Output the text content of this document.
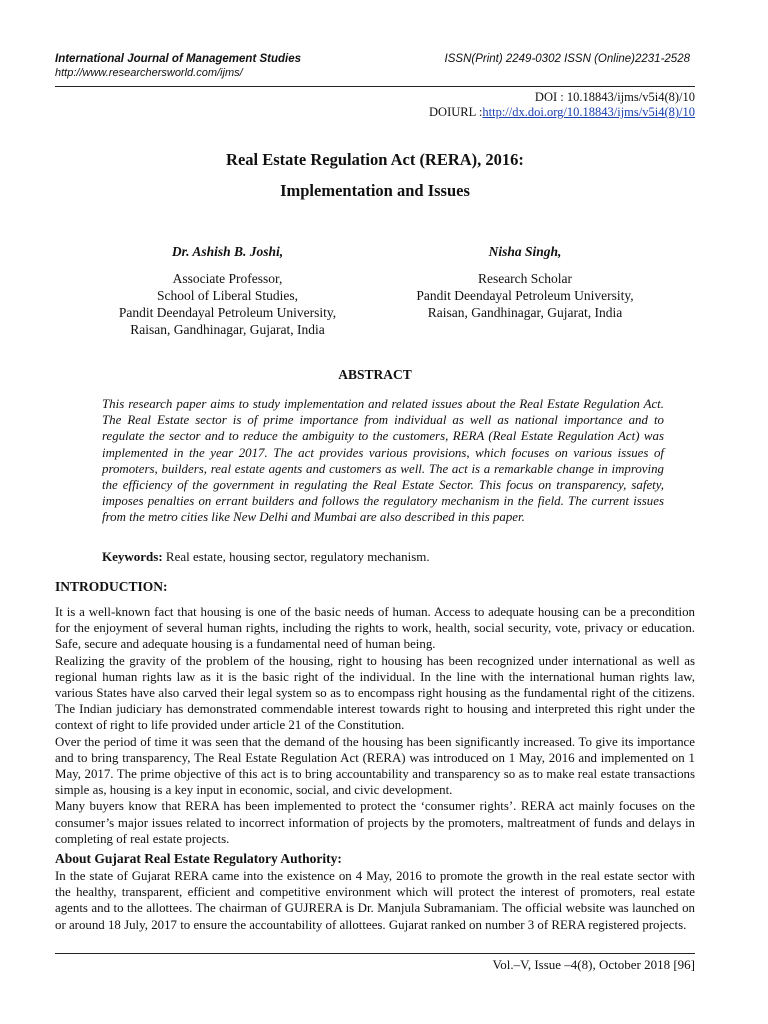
International Journal of Management Studies
http://www.researchersworld.com/ijms/
ISSN(Print) 2249-0302 ISSN (Online)2231-2528
DOI : 10.18843/ijms/v5i4(8)/10
DOIURL :http://dx.doi.org/10.18843/ijms/v5i4(8)/10
Real Estate Regulation Act (RERA), 2016:
Implementation and Issues
Dr. Ashish B. Joshi,
Associate Professor,
School of Liberal Studies,
Pandit Deendayal Petroleum University,
Raisan, Gandhinagar, Gujarat, India
Nisha Singh,
Research Scholar
Pandit Deendayal Petroleum University,
Raisan, Gandhinagar, Gujarat, India
ABSTRACT
This research paper aims to study implementation and related issues about the Real Estate Regulation Act. The Real Estate sector is of prime importance from individual as well as national importance and to regulate the sector and to reduce the ambiguity to the customers, RERA (Real Estate Regulation Act) was implemented in the year 2017. The act provides various provisions, which focuses on various issues of promoters, builders, real estate agents and customers as well. The act is a remarkable change in improving the efficiency of the government in regulating the Real Estate Sector. This focus on transparency, safety, imposes penalties on errant builders and follows the regulatory mechanism in the field. The current issues from the metro cities like New Delhi and Mumbai are also described in this paper.
Keywords: Real estate, housing sector, regulatory mechanism.
INTRODUCTION:

It is a well-known fact that housing is one of the basic needs of human. Access to adequate housing can be a precondition for the enjoyment of several human rights, including the rights to work, health, social security, vote, privacy or education. Safe, secure and adequate housing is a fundamental need of human being.

Realizing the gravity of the problem of the housing, right to housing has been recognized under international as well as regional human rights law as it is the basic right of the individual. In the line with the international human rights law, various States have also carved their legal system so as to encompass right housing as the fundamental right of the citizens. The Indian judiciary has demonstrated commendable interest towards right to housing and interpreted this right under the context of right to life provided under article 21 of the Constitution.

Over the period of time it was seen that the demand of the housing has been significantly increased. To give its importance and to bring transparency, The Real Estate Regulation Act (RERA) was introduced on 1 May, 2016 and implemented on 1 May, 2017. The prime objective of this act is to bring accountability and transparency so as to make real estate transactions simple as, housing is a key input in economic, social, and civic development.

Many buyers know that RERA has been implemented to protect the ‘consumer rights’. RERA act mainly focuses on the consumer’s major issues related to incorrect information of projects by the promoters, maltreatment of funds and delays in completing of real estate projects.

About Gujarat Real Estate Regulatory Authority:

In the state of Gujarat RERA came into the existence on 4 May, 2016 to promote the growth in the real estate sector with the healthy, transparent, efficient and competitive environment which will protect the interest of promoters, real estate agents and to the allottees. The chairman of GUJRERA is Dr. Manjula Subramaniam. The official website was launched on or around 18 July, 2017 to ensure the accountability of allottees. Gujarat ranked on number 3 of RERA registered projects.

Vol.–V, Issue –4(8), October 2018 [96]
